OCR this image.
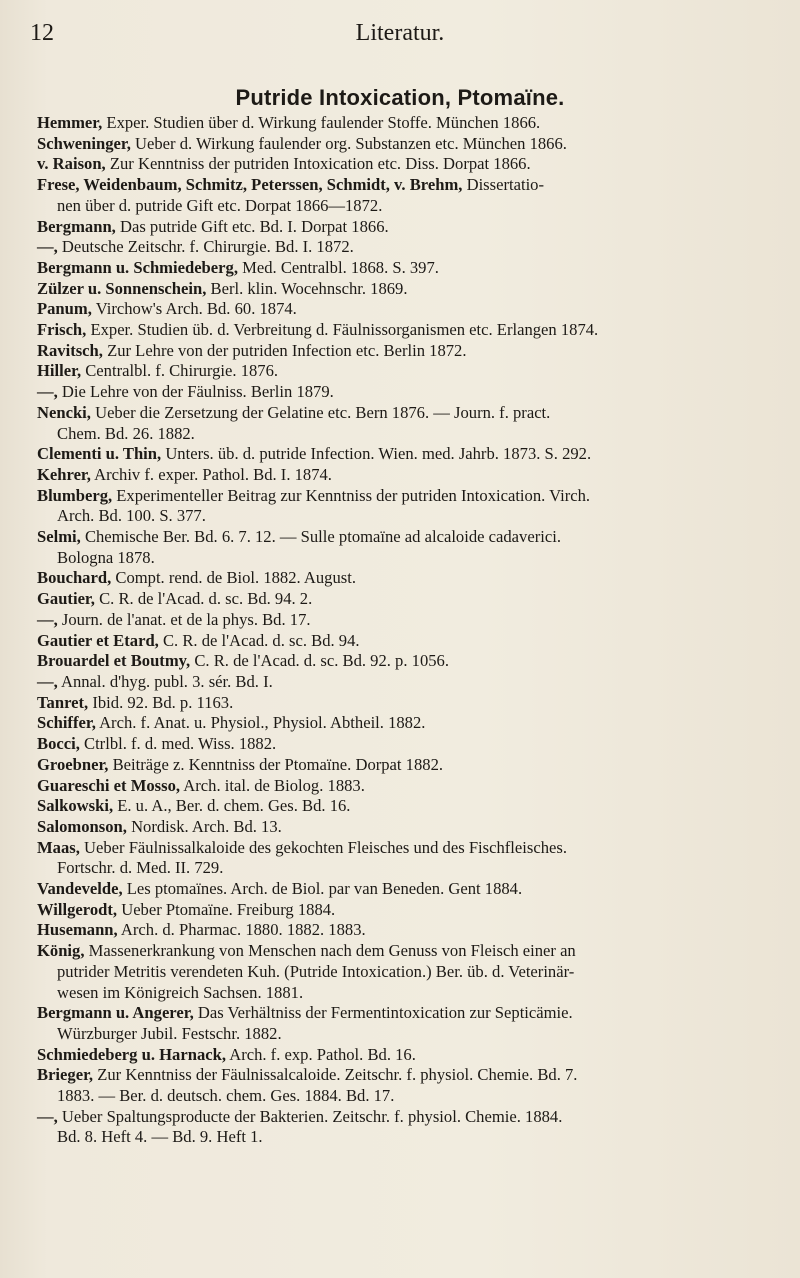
12	Literatur.
Putride Intoxication, Ptomaïne.
Hemmer, Exper. Studien über d. Wirkung faulender Stoffe. München 1866.
Schweninger, Ueber d. Wirkung faulender org. Substanzen etc. München 1866.
v. Raison, Zur Kenntniss der putriden Intoxication etc. Diss. Dorpat 1866.
Frese, Weidenbaum, Schmitz, Peterssen, Schmidt, v. Brehm, Dissertatio-
nen über d. putride Gift etc. Dorpat 1866—1872.
Bergmann, Das putride Gift etc. Bd. I. Dorpat 1866.
—, Deutsche Zeitschr. f. Chirurgie. Bd. I. 1872.
Bergmann u. Schmiedeberg, Med. Centralbl. 1868. S. 397.
Zülzer u. Sonnenschein, Berl. klin. Wocehnschr. 1869.
Panum, Virchow's Arch. Bd. 60. 1874.
Frisch, Exper. Studien üb. d. Verbreitung d. Fäulnissorganismen etc. Erlangen 1874.
Ravitsch, Zur Lehre von der putriden Infection etc. Berlin 1872.
Hiller, Centralbl. f. Chirurgie. 1876.
—, Die Lehre von der Fäulniss. Berlin 1879.
Nencki, Ueber die Zersetzung der Gelatine etc. Bern 1876. — Journ. f. pract.
Chem. Bd. 26. 1882.
Clementi u. Thin, Unters. üb. d. putride Infection. Wien. med. Jahrb. 1873. S. 292.
Kehrer, Archiv f. exper. Pathol. Bd. I. 1874.
Blumberg, Experimenteller Beitrag zur Kenntniss der putriden Intoxication. Virch.
Arch. Bd. 100. S. 377.
Selmi, Chemische Ber. Bd. 6. 7. 12. — Sulle ptomaïne ad alcaloide cadaverici.
Bologna 1878.
Bouchard, Compt. rend. de Biol. 1882. August.
Gautier, C. R. de l'Acad. d. sc. Bd. 94. 2.
—, Journ. de l'anat. et de la phys. Bd. 17.
Gautier et Etard, C. R. de l'Acad. d. sc. Bd. 94.
Brouardel et Boutmy, C. R. de l'Acad. d. sc. Bd. 92. p. 1056.
—, Annal. d'hyg. publ. 3. sér. Bd. I.
Tanret, Ibid. 92. Bd. p. 1163.
Schiffer, Arch. f. Anat. u. Physiol., Physiol. Abtheil. 1882.
Bocci, Ctrlbl. f. d. med. Wiss. 1882.
Groebner, Beiträge z. Kenntniss der Ptomaïne. Dorpat 1882.
Guareschi et Mosso, Arch. ital. de Biolog. 1883.
Salkowski, E. u. A., Ber. d. chem. Ges. Bd. 16.
Salomonson, Nordisk. Arch. Bd. 13.
Maas, Ueber Fäulnissalkaloide des gekochten Fleisches und des Fischfleisches.
Fortschr. d. Med. II. 729.
Vandevelde, Les ptomaïnes. Arch. de Biol. par van Beneden. Gent 1884.
Willgerodt, Ueber Ptomaïne. Freiburg 1884.
Husemann, Arch. d. Pharmac. 1880. 1882. 1883.
König, Massenerkrankung von Menschen nach dem Genuss von Fleisch einer an
putrider Metritis verendeten Kuh. (Putride Intoxication.) Ber. üb. d. Veterinär-
wesen im Königreich Sachsen. 1881.
Bergmann u. Angerer, Das Verhältniss der Fermentintoxication zur Septicämie.
Würzburger Jubil. Festschr. 1882.
Schmiedeberg u. Harnack, Arch. f. exp. Pathol. Bd. 16.
Brieger, Zur Kenntniss der Fäulnissalcaloide. Zeitschr. f. physiol. Chemie. Bd. 7.
1883. — Ber. d. deutsch. chem. Ges. 1884. Bd. 17.
—, Ueber Spaltungsproducte der Bakterien. Zeitschr. f. physiol. Chemie. 1884.
Bd. 8. Heft 4. — Bd. 9. Heft 1.
